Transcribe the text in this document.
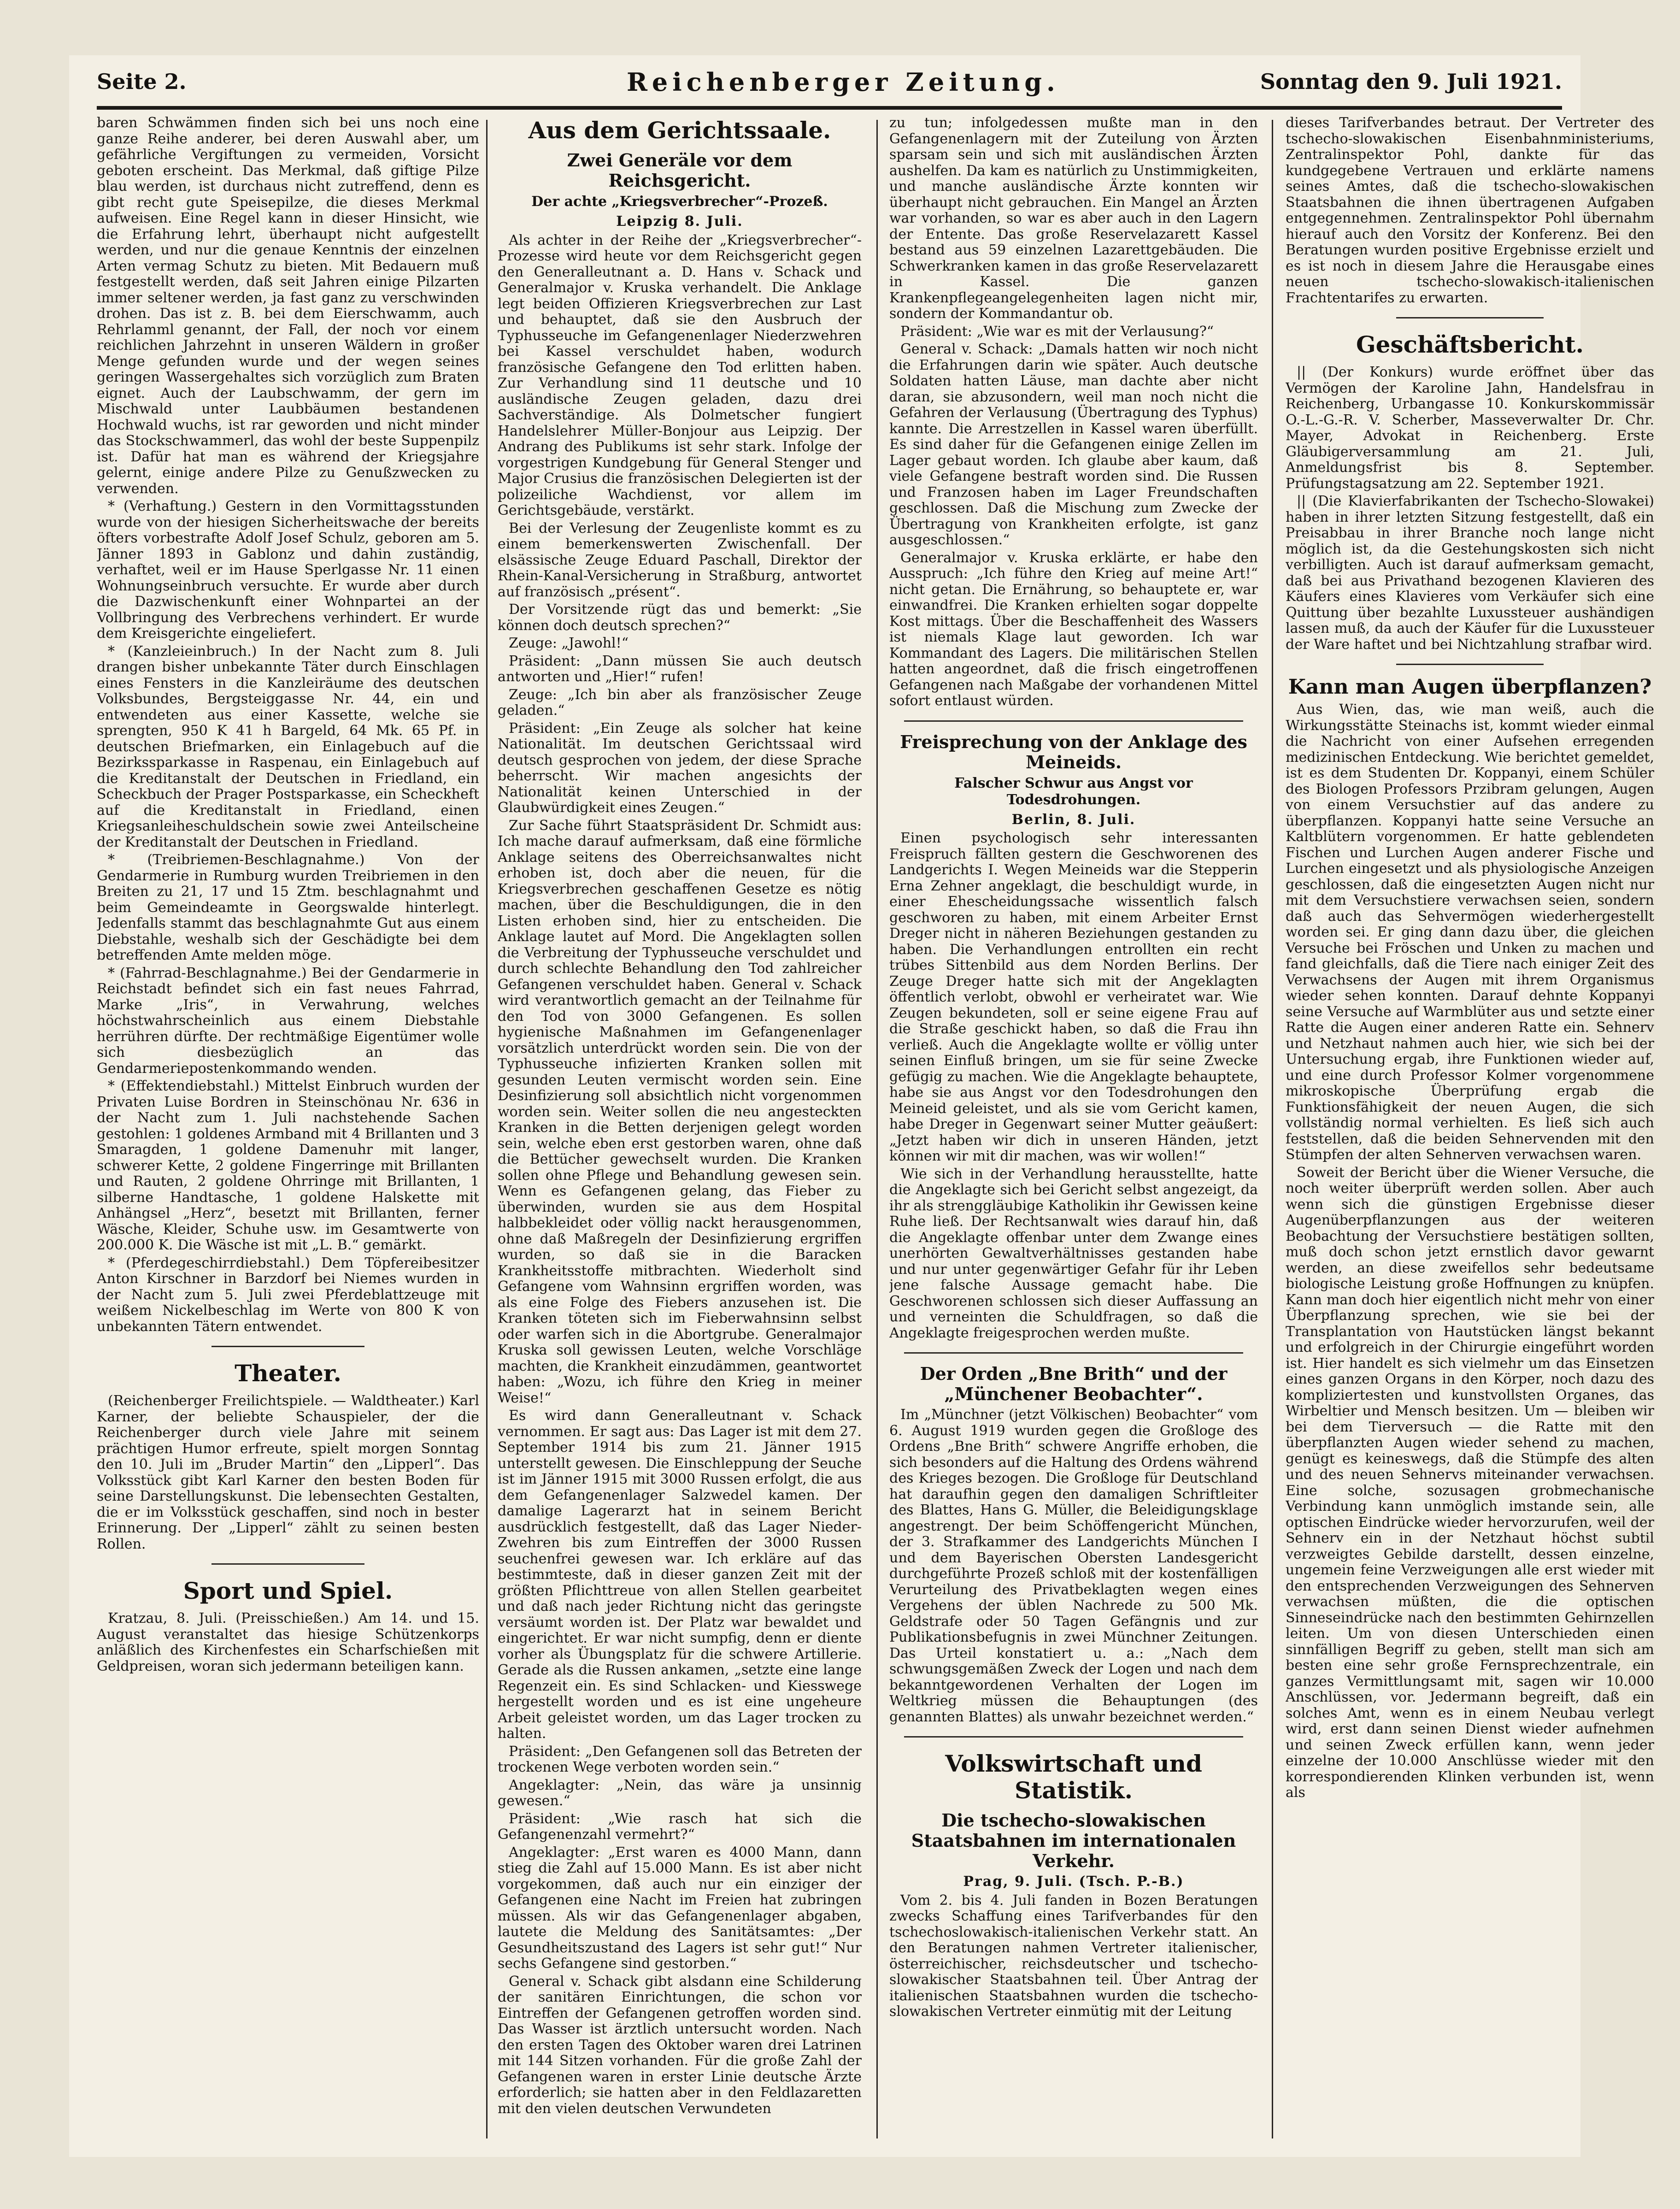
Seite 2.	Reichenberger Zeitung.	Sonntag den 9. Juli 1921.

baren Schwämmen finden sich bei uns noch eine ganze Reihe anderer, bei deren Auswahl aber, um gefährliche Vergiftungen zu vermeiden, Vorsicht geboten erscheint. Das Merkmal, daß giftige Pilze blau werden, ist durchaus nicht zutreffend, denn es gibt recht gute Speisepilze, die dieses Merkmal aufweisen. Eine Regel kann in dieser Hinsicht, wie die Erfahrung lehrt, überhaupt nicht aufgestellt werden, und nur die genaue Kenntnis der einzelnen Arten vermag Schutz zu bieten. Mit Bedauern muß festgestellt werden, daß seit Jahren einige Pilzarten immer seltener werden, ja fast ganz zu verschwinden drohen. Das ist z. B. bei dem Eierschwamm, auch Rehrlamml genannt, der Fall, der noch vor einem reichlichen Jahrzehnt in unseren Wäldern in großer Menge gefunden wurde und der wegen seines geringen Wassergehaltes sich vorzüglich zum Braten eignet. Auch der Laubschwamm, der gern im Mischwald unter Laubbäumen bestandenen Hochwald wuchs, ist rar geworden und nicht minder das Stockschwammerl, das wohl der beste Suppenpilz ist. Dafür hat man es während der Kriegsjahre gelernt, einige andere Pilze zu Genußzwecken zu verwenden.

* (Verhaftung.) Gestern in den Vormittagsstunden wurde von der hiesigen Sicherheitswache der bereits öfters vorbestrafte Adolf Josef Schulz, geboren am 5. Jänner 1893 in Gablonz und dahin zuständig, verhaftet, weil er im Hause Sperlgasse Nr. 11 einen Wohnungseinbruch versuchte. Er wurde aber durch die Dazwischenkunft einer Wohnpartei an der Vollbringung des Verbrechens verhindert. Er wurde dem Kreisgerichte eingeliefert.

* (Kanzleieinbruch.) In der Nacht zum 8. Juli drangen bisher unbekannte Täter durch Einschlagen eines Fensters in die Kanzleiräume des deutschen Volksbundes, Bergsteiggasse Nr. 44, ein und entwendeten aus einer Kassette, welche sie sprengten, 950 K 41 h Bargeld, 64 Mk. 65 Pf. in deutschen Briefmarken, ein Einlagebuch auf die Bezirkssparkasse in Raspenau, ein Einlagebuch auf die Kreditanstalt der Deutschen in Friedland, ein Scheckbuch der Prager Postsparkasse, ein Scheckheft auf die Kreditanstalt in Friedland, einen Kriegsanleiheschuldschein sowie zwei Anteilscheine der Kreditanstalt der Deutschen in Friedland.

* (Treibriemen-Beschlagnahme.) Von der Gendarmerie in Rumburg wurden Treibriemen in den Breiten zu 21, 17 und 15 Ztm. beschlagnahmt und beim Gemeindeamte in Georgswalde hinterlegt. Jedenfalls stammt das beschlagnahmte Gut aus einem Diebstahle, weshalb sich der Geschädigte bei dem betreffenden Amte melden möge.

* (Fahrrad-Beschlagnahme.) Bei der Gendarmerie in Reichstadt befindet sich ein fast neues Fahrrad, Marke „Iris“, in Verwahrung, welches höchstwahrscheinlich aus einem Diebstahle herrühren dürfte. Der rechtmäßige Eigentümer wolle sich diesbezüglich an das Gendarmeriepostenkommando wenden.

* (Effektendiebstahl.) Mittelst Einbruch wurden der Privaten Luise Bordren in Steinschönau Nr. 636 in der Nacht zum 1. Juli nachstehende Sachen gestohlen: 1 goldenes Armband mit 4 Brillanten und 3 Smaragden, 1 goldene Damenuhr mit langer, schwerer Kette, 2 goldene Fingerringe mit Brillanten und Rauten, 2 goldene Ohrringe mit Brillanten, 1 silberne Handtasche, 1 goldene Halskette mit Anhängsel „Herz“, besetzt mit Brillanten, ferner Wäsche, Kleider, Schuhe usw. im Gesamtwerte von 200.000 K. Die Wäsche ist mit „L. B.“ gemärkt.

* (Pferdegeschirrdiebstahl.) Dem Töpfereibesitzer Anton Kirschner in Barzdorf bei Niemes wurden in der Nacht zum 5. Juli zwei Pferdeblattzeuge mit weißem Nickelbeschlag im Werte von 800 K von unbekannten Tätern entwendet.

Theater.

(Reichenberger Freilichtspiele. — Waldtheater.) Karl Karner, der beliebte Schauspieler, der die Reichenberger durch viele Jahre mit seinem prächtigen Humor erfreute, spielt morgen Sonntag den 10. Juli im „Bruder Martin“ den „Lipperl“. Das Volksstück gibt Karl Karner den besten Boden für seine Darstellungskunst. Die lebensechten Gestalten, die er im Volksstück geschaffen, sind noch in bester Erinnerung. Der „Lipperl“ zählt zu seinen besten Rollen.

Sport und Spiel.

Kratzau, 8. Juli. (Preisschießen.) Am 14. und 15. August veranstaltet das hiesige Schützenkorps anläßlich des Kirchenfestes ein Scharfschießen mit Geldpreisen, woran sich jedermann beteiligen kann.

Aus dem Gerichtssaale.
Zwei Generäle vor dem Reichsgericht.
Der achte „Kriegsverbrecher“-Prozeß.
Leipzig 8. Juli.

Als achter in der Reihe der „Kriegsverbrecher“-Prozesse wird heute vor dem Reichsgericht gegen den Generalleutnant a. D. Hans v. Schack und Generalmajor v. Kruska verhandelt. Die Anklage legt beiden Offizieren Kriegsverbrechen zur Last und behauptet, daß sie den Ausbruch der Typhusseuche im Gefangenenlager Niederzwehren bei Kassel verschuldet haben, wodurch französische Gefangene den Tod erlitten haben. Zur Verhandlung sind 11 deutsche und 10 ausländische Zeugen geladen, dazu drei Sachverständige. Als Dolmetscher fungiert Handelslehrer Müller-Bonjour aus Leipzig. Der Andrang des Publikums ist sehr stark. Infolge der vorgestrigen Kundgebung für General Stenger und Major Crusius die französischen Delegierten ist der polizeiliche Wachdienst, vor allem im Gerichtsgebäude, verstärkt.

Bei der Verlesung der Zeugenliste kommt es zu einem bemerkenswerten Zwischenfall. Der elsässische Zeuge Eduard Paschall, Direktor der Rhein-Kanal-Versicherung in Straßburg, antwortet auf französisch „présent“.

Der Vorsitzende rügt das und bemerkt: „Sie können doch deutsch sprechen?“

Zeuge: „Jawohl!“

Präsident: „Dann müssen Sie auch deutsch antworten und „Hier!“ rufen!

Zeuge: „Ich bin aber als französischer Zeuge geladen.“

Präsident: „Ein Zeuge als solcher hat keine Nationalität. Im deutschen Gerichtssaal wird deutsch gesprochen von jedem, der diese Sprache beherrscht. Wir machen angesichts der Nationalität keinen Unterschied in der Glaubwürdigkeit eines Zeugen.“

Zur Sache führt Staatspräsident Dr. Schmidt aus: Ich mache darauf aufmerksam, daß eine förmliche Anklage seitens des Oberreichsanwaltes nicht erhoben ist, doch aber die neuen, für die Kriegsverbrechen geschaffenen Gesetze es nötig machen, über die Beschuldigungen, die in den Listen erhoben sind, hier zu entscheiden. Die Anklage lautet auf Mord. Die Angeklagten sollen die Verbreitung der Typhusseuche verschuldet und durch schlechte Behandlung den Tod zahlreicher Gefangenen verschuldet haben. General v. Schack wird verantwortlich gemacht an der Teilnahme für den Tod von 3000 Gefangenen. Es sollen hygienische Maßnahmen im Gefangenenlager vorsätzlich unterdrückt worden sein. Die von der Typhusseuche infizierten Kranken sollen mit gesunden Leuten vermischt worden sein. Eine Desinfizierung soll absichtlich nicht vorgenommen worden sein. Weiter sollen die neu angesteckten Kranken in die Betten derjenigen gelegt worden sein, welche eben erst gestorben waren, ohne daß die Bettücher gewechselt wurden. Die Kranken sollen ohne Pflege und Behandlung gewesen sein. Wenn es Gefangenen gelang, das Fieber zu überwinden, wurden sie aus dem Hospital halbbekleidet oder völlig nackt herausgenommen, ohne daß Maßregeln der Desinfizierung ergriffen wurden, so daß sie in die Baracken Krankheitsstoffe mitbrachten. Wiederholt sind Gefangene vom Wahnsinn ergriffen worden, was als eine Folge des Fiebers anzusehen ist. Die Kranken töteten sich im Fieberwahnsinn selbst oder warfen sich in die Abortgrube. Generalmajor Kruska soll gewissen Leuten, welche Vorschläge machten, die Krankheit einzudämmen, geantwortet haben: „Wozu, ich führe den Krieg in meiner Weise!“

Es wird dann Generalleutnant v. Schack vernommen. Er sagt aus: Das Lager ist mit dem 27. September 1914 bis zum 21. Jänner 1915 unterstellt gewesen. Die Einschleppung der Seuche ist im Jänner 1915 mit 3000 Russen erfolgt, die aus dem Gefangenenlager Salzwedel kamen. Der damalige Lagerarzt hat in seinem Bericht ausdrücklich festgestellt, daß das Lager Nieder-Zwehren bis zum Eintreffen der 3000 Russen seuchenfrei gewesen war. Ich erkläre auf das bestimmteste, daß in dieser ganzen Zeit mit der größten Pflichttreue von allen Stellen gearbeitet und daß nach jeder Richtung nicht das geringste versäumt worden ist. Der Platz war bewaldet und eingerichtet. Er war nicht sumpfig, denn er diente vorher als Übungsplatz für die schwere Artillerie. Gerade als die Russen ankamen, „setzte eine lange Regenzeit ein. Es sind Schlacken- und Kiesswege hergestellt worden und es ist eine ungeheure Arbeit geleistet worden, um das Lager trocken zu halten.

Präsident: „Den Gefangenen soll das Betreten der trockenen Wege verboten worden sein.“

Angeklagter: „Nein, das wäre ja unsinnig gewesen.“

Präsident: „Wie rasch hat sich die Gefangenenzahl vermehrt?“

Angeklagter: „Erst waren es 4000 Mann, dann stieg die Zahl auf 15.000 Mann. Es ist aber nicht vorgekommen, daß auch nur ein einziger der Gefangenen eine Nacht im Freien hat zubringen müssen. Als wir das Gefangenenlager abgaben, lautete die Meldung des Sanitätsamtes: „Der Gesundheitszustand des Lagers ist sehr gut!“ Nur sechs Gefangene sind gestorben.“

General v. Schack gibt alsdann eine Schilderung der sanitären Einrichtungen, die schon vor Eintreffen der Gefangenen getroffen worden sind. Das Wasser ist ärztlich untersucht worden. Nach den ersten Tagen des Oktober waren drei Latrinen mit 144 Sitzen vorhanden. Für die große Zahl der Gefangenen waren in erster Linie deutsche Ärzte erforderlich; sie hatten aber in den Feldlazaretten mit den vielen deutschen Verwundeten

zu tun; infolgedessen mußte man in den Gefangenenlagern mit der Zuteilung von Ärzten sparsam sein und sich mit ausländischen Ärzten aushelfen. Da kam es natürlich zu Unstimmigkeiten, und manche ausländische Ärzte konnten wir überhaupt nicht gebrauchen. Ein Mangel an Ärzten war vorhanden, so war es aber auch in den Lagern der Entente. Das große Reservelazarett Kassel bestand aus 59 einzelnen Lazarettgebäuden. Die Schwerkranken kamen in das große Reservelazarett in Kassel. Die ganzen Krankenpflegeangelegenheiten lagen nicht mir, sondern der Kommandantur ob.

Präsident: „Wie war es mit der Verlausung?“

General v. Schack: „Damals hatten wir noch nicht die Erfahrungen darin wie später. Auch deutsche Soldaten hatten Läuse, man dachte aber nicht daran, sie abzusondern, weil man noch nicht die Gefahren der Verlausung (Übertragung des Typhus) kannte. Die Arrestzellen in Kassel waren überfüllt. Es sind daher für die Gefangenen einige Zellen im Lager gebaut worden. Ich glaube aber kaum, daß viele Gefangene bestraft worden sind. Die Russen und Franzosen haben im Lager Freundschaften geschlossen. Daß die Mischung zum Zwecke der Übertragung von Krankheiten erfolgte, ist ganz ausgeschlossen.“

Generalmajor v. Kruska erklärte, er habe den Ausspruch: „Ich führe den Krieg auf meine Art!“ nicht getan. Die Ernährung, so behauptete er, war einwandfrei. Die Kranken erhielten sogar doppelte Kost mittags. Über die Beschaffenheit des Wassers ist niemals Klage laut geworden. Ich war Kommandant des Lagers. Die militärischen Stellen hatten angeordnet, daß die frisch eingetroffenen Gefangenen nach Maßgabe der vorhandenen Mittel sofort entlaust würden.

Freisprechung von der Anklage des Meineids.
Falscher Schwur aus Angst vor Todesdrohungen.
Berlin, 8. Juli.

Einen psychologisch sehr interessanten Freispruch fällten gestern die Geschworenen des Landgerichts I. Wegen Meineids war die Stepperin Erna Zehner angeklagt, die beschuldigt wurde, in einer Ehescheidungssache wissentlich falsch geschworen zu haben, mit einem Arbeiter Ernst Dreger nicht in näheren Beziehungen gestanden zu haben. Die Verhandlungen entrollten ein recht trübes Sittenbild aus dem Norden Berlins. Der Zeuge Dreger hatte sich mit der Angeklagten öffentlich verlobt, obwohl er verheiratet war. Wie Zeugen bekundeten, soll er seine eigene Frau auf die Straße geschickt haben, so daß die Frau ihn verließ. Auch die Angeklagte wollte er völlig unter seinen Einfluß bringen, um sie für seine Zwecke gefügig zu machen. Wie die Angeklagte behauptete, habe sie aus Angst vor den Todesdrohungen den Meineid geleistet, und als sie vom Gericht kamen, habe Dreger in Gegenwart seiner Mutter geäußert: „Jetzt haben wir dich in unseren Händen, jetzt können wir mit dir machen, was wir wollen!“

Wie sich in der Verhandlung herausstellte, hatte die Angeklagte sich bei Gericht selbst angezeigt, da ihr als strenggläubige Katholikin ihr Gewissen keine Ruhe ließ. Der Rechtsanwalt wies darauf hin, daß die Angeklagte offenbar unter dem Zwange eines unerhörten Gewaltverhältnisses gestanden habe und nur unter gegenwärtiger Gefahr für ihr Leben jene falsche Aussage gemacht habe. Die Geschworenen schlossen sich dieser Auffassung an und verneinten die Schuldfragen, so daß die Angeklagte freigesprochen werden mußte.

Der Orden „Bne Brith“ und der „Münchener Beobachter“.

Im „Münchner (jetzt Völkischen) Beobachter“ vom 6. August 1919 wurden gegen die Großloge des Ordens „Bne Brith“ schwere Angriffe erhoben, die sich besonders auf die Haltung des Ordens während des Krieges bezogen. Die Großloge für Deutschland hat daraufhin gegen den damaligen Schriftleiter des Blattes, Hans G. Müller, die Beleidigungsklage angestrengt. Der beim Schöffengericht München, der 3. Strafkammer des Landgerichts München I und dem Bayerischen Obersten Landesgericht durchgeführte Prozeß schloß mit der kostenfälligen Verurteilung des Privatbeklagten wegen eines Vergehens der üblen Nachrede zu 500 Mk. Geldstrafe oder 50 Tagen Gefängnis und zur Publikationsbefugnis in zwei Münchner Zeitungen. Das Urteil konstatiert u. a.: „Nach dem schwungsgemäßen Zweck der Logen und nach dem bekanntgewordenen Verhalten der Logen im Weltkrieg müssen die Behauptungen (des genannten Blattes) als unwahr bezeichnet werden.“

Volkswirtschaft und Statistik.
Die tschecho-slowakischen Staatsbahnen im internationalen Verkehr.
Prag, 9. Juli. (Tsch. P.-B.)

Vom 2. bis 4. Juli fanden in Bozen Beratungen zwecks Schaffung eines Tarifverbandes für den tschechoslowakisch-italienischen Verkehr statt. An den Beratungen nahmen Vertreter italienischer, österreichischer, reichsdeutscher und tschecho-slowakischer Staatsbahnen teil. Über Antrag der italienischen Staatsbahnen wurden die tschecho-slowakischen Vertreter einmütig mit der Leitung

dieses Tarifverbandes betraut. Der Vertreter des tschecho-slowakischen Eisenbahnministeriums, Zentralinspektor Pohl, dankte für das kundgegebene Vertrauen und erklärte namens seines Amtes, daß die tschecho-slowakischen Staatsbahnen die ihnen übertragenen Aufgaben entgegennehmen. Zentralinspektor Pohl übernahm hierauf auch den Vorsitz der Konferenz. Bei den Beratungen wurden positive Ergebnisse erzielt und es ist noch in diesem Jahre die Herausgabe eines neuen tschecho-slowakisch-italienischen Frachtentarifes zu erwarten.

Geschäftsbericht.

|| (Der Konkurs) wurde eröffnet über das Vermögen der Karoline Jahn, Handelsfrau in Reichenberg, Urbangasse 10. Konkurskommissär O.-L.-G.-R. V. Scherber, Masseverwalter Dr. Chr. Mayer, Advokat in Reichenberg. Erste Gläubigerversammlung am 21. Juli, Anmeldungsfrist bis 8. September. Prüfungstagsatzung am 22. September 1921.

|| (Die Klavierfabrikanten der Tschecho-Slowakei) haben in ihrer letzten Sitzung festgestellt, daß ein Preisabbau in ihrer Branche noch lange nicht möglich ist, da die Gestehungskosten sich nicht verbilligten. Auch ist darauf aufmerksam gemacht, daß bei aus Privathand bezogenen Klavieren des Käufers eines Klavieres vom Verkäufer sich eine Quittung über bezahlte Luxussteuer aushändigen lassen muß, da auch der Käufer für die Luxussteuer der Ware haftet und bei Nichtzahlung strafbar wird.

Kann man Augen überpflanzen?

Aus Wien, das, wie man weiß, auch die Wirkungsstätte Steinachs ist, kommt wieder einmal die Nachricht von einer Aufsehen erregenden medizinischen Entdeckung. Wie berichtet gemeldet, ist es dem Studenten Dr. Koppanyi, einem Schüler des Biologen Professors Przibram gelungen, Augen von einem Versuchstier auf das andere zu überpflanzen. Koppanyi hatte seine Versuche an Kaltblütern vorgenommen. Er hatte geblendeten Fischen und Lurchen Augen anderer Fische und Lurchen eingesetzt und als physiologische Anzeigen geschlossen, daß die eingesetzten Augen nicht nur mit dem Versuchstiere verwachsen seien, sondern daß auch das Sehvermögen wiederhergestellt worden sei. Er ging dann dazu über, die gleichen Versuche bei Fröschen und Unken zu machen und fand gleichfalls, daß die Tiere nach einiger Zeit des Verwachsens der Augen mit ihrem Organismus wieder sehen konnten. Darauf dehnte Koppanyi seine Versuche auf Warmblüter aus und setzte einer Ratte die Augen einer anderen Ratte ein. Sehnerv und Netzhaut nahmen auch hier, wie sich bei der Untersuchung ergab, ihre Funktionen wieder auf, und eine durch Professor Kolmer vorgenommene mikroskopische Überprüfung ergab die Funktionsfähigkeit der neuen Augen, die sich vollständig normal verhielten. Es ließ sich auch feststellen, daß die beiden Sehnervenden mit den Stümpfen der alten Sehnerven verwachsen waren.

Soweit der Bericht über die Wiener Versuche, die noch weiter überprüft werden sollen. Aber auch wenn sich die günstigen Ergebnisse dieser Augenüberpflanzungen aus der weiteren Beobachtung der Versuchstiere bestätigen sollten, muß doch schon jetzt ernstlich davor gewarnt werden, an diese zweifellos sehr bedeutsame biologische Leistung große Hoffnungen zu knüpfen. Kann man doch hier eigentlich nicht mehr von einer Überpflanzung sprechen, wie sie bei der Transplantation von Hautstücken längst bekannt und erfolgreich in der Chirurgie eingeführt worden ist. Hier handelt es sich vielmehr um das Einsetzen eines ganzen Organs in den Körper, noch dazu des kompliziertesten und kunstvollsten Organes, das Wirbeltier und Mensch besitzen. Um — bleiben wir bei dem Tierversuch — die Ratte mit den überpflanzten Augen wieder sehend zu machen, genügt es keineswegs, daß die Stümpfe des alten und des neuen Sehnervs miteinander verwachsen. Eine solche, sozusagen grobmechanische Verbindung kann unmöglich imstande sein, alle optischen Eindrücke wieder hervorzurufen, weil der Sehnerv ein in der Netzhaut höchst subtil verzweigtes Gebilde darstellt, dessen einzelne, ungemein feine Verzweigungen alle erst wieder mit den entsprechenden Verzweigungen des Sehnerven verwachsen müßten, die die optischen Sinneseindrücke nach den bestimmten Gehirnzellen leiten. Um von diesen Unterschieden einen sinnfälligen Begriff zu geben, stellt man sich am besten eine sehr große Fernsprechzentrale, ein ganzes Vermittlungsamt mit, sagen wir 10.000 Anschlüssen, vor. Jedermann begreift, daß ein solches Amt, wenn es in einem Neubau verlegt wird, erst dann seinen Dienst wieder aufnehmen und seinen Zweck erfüllen kann, wenn jeder einzelne der 10.000 Anschlüsse wieder mit den korrespondierenden Klinken verbunden ist, wenn als
